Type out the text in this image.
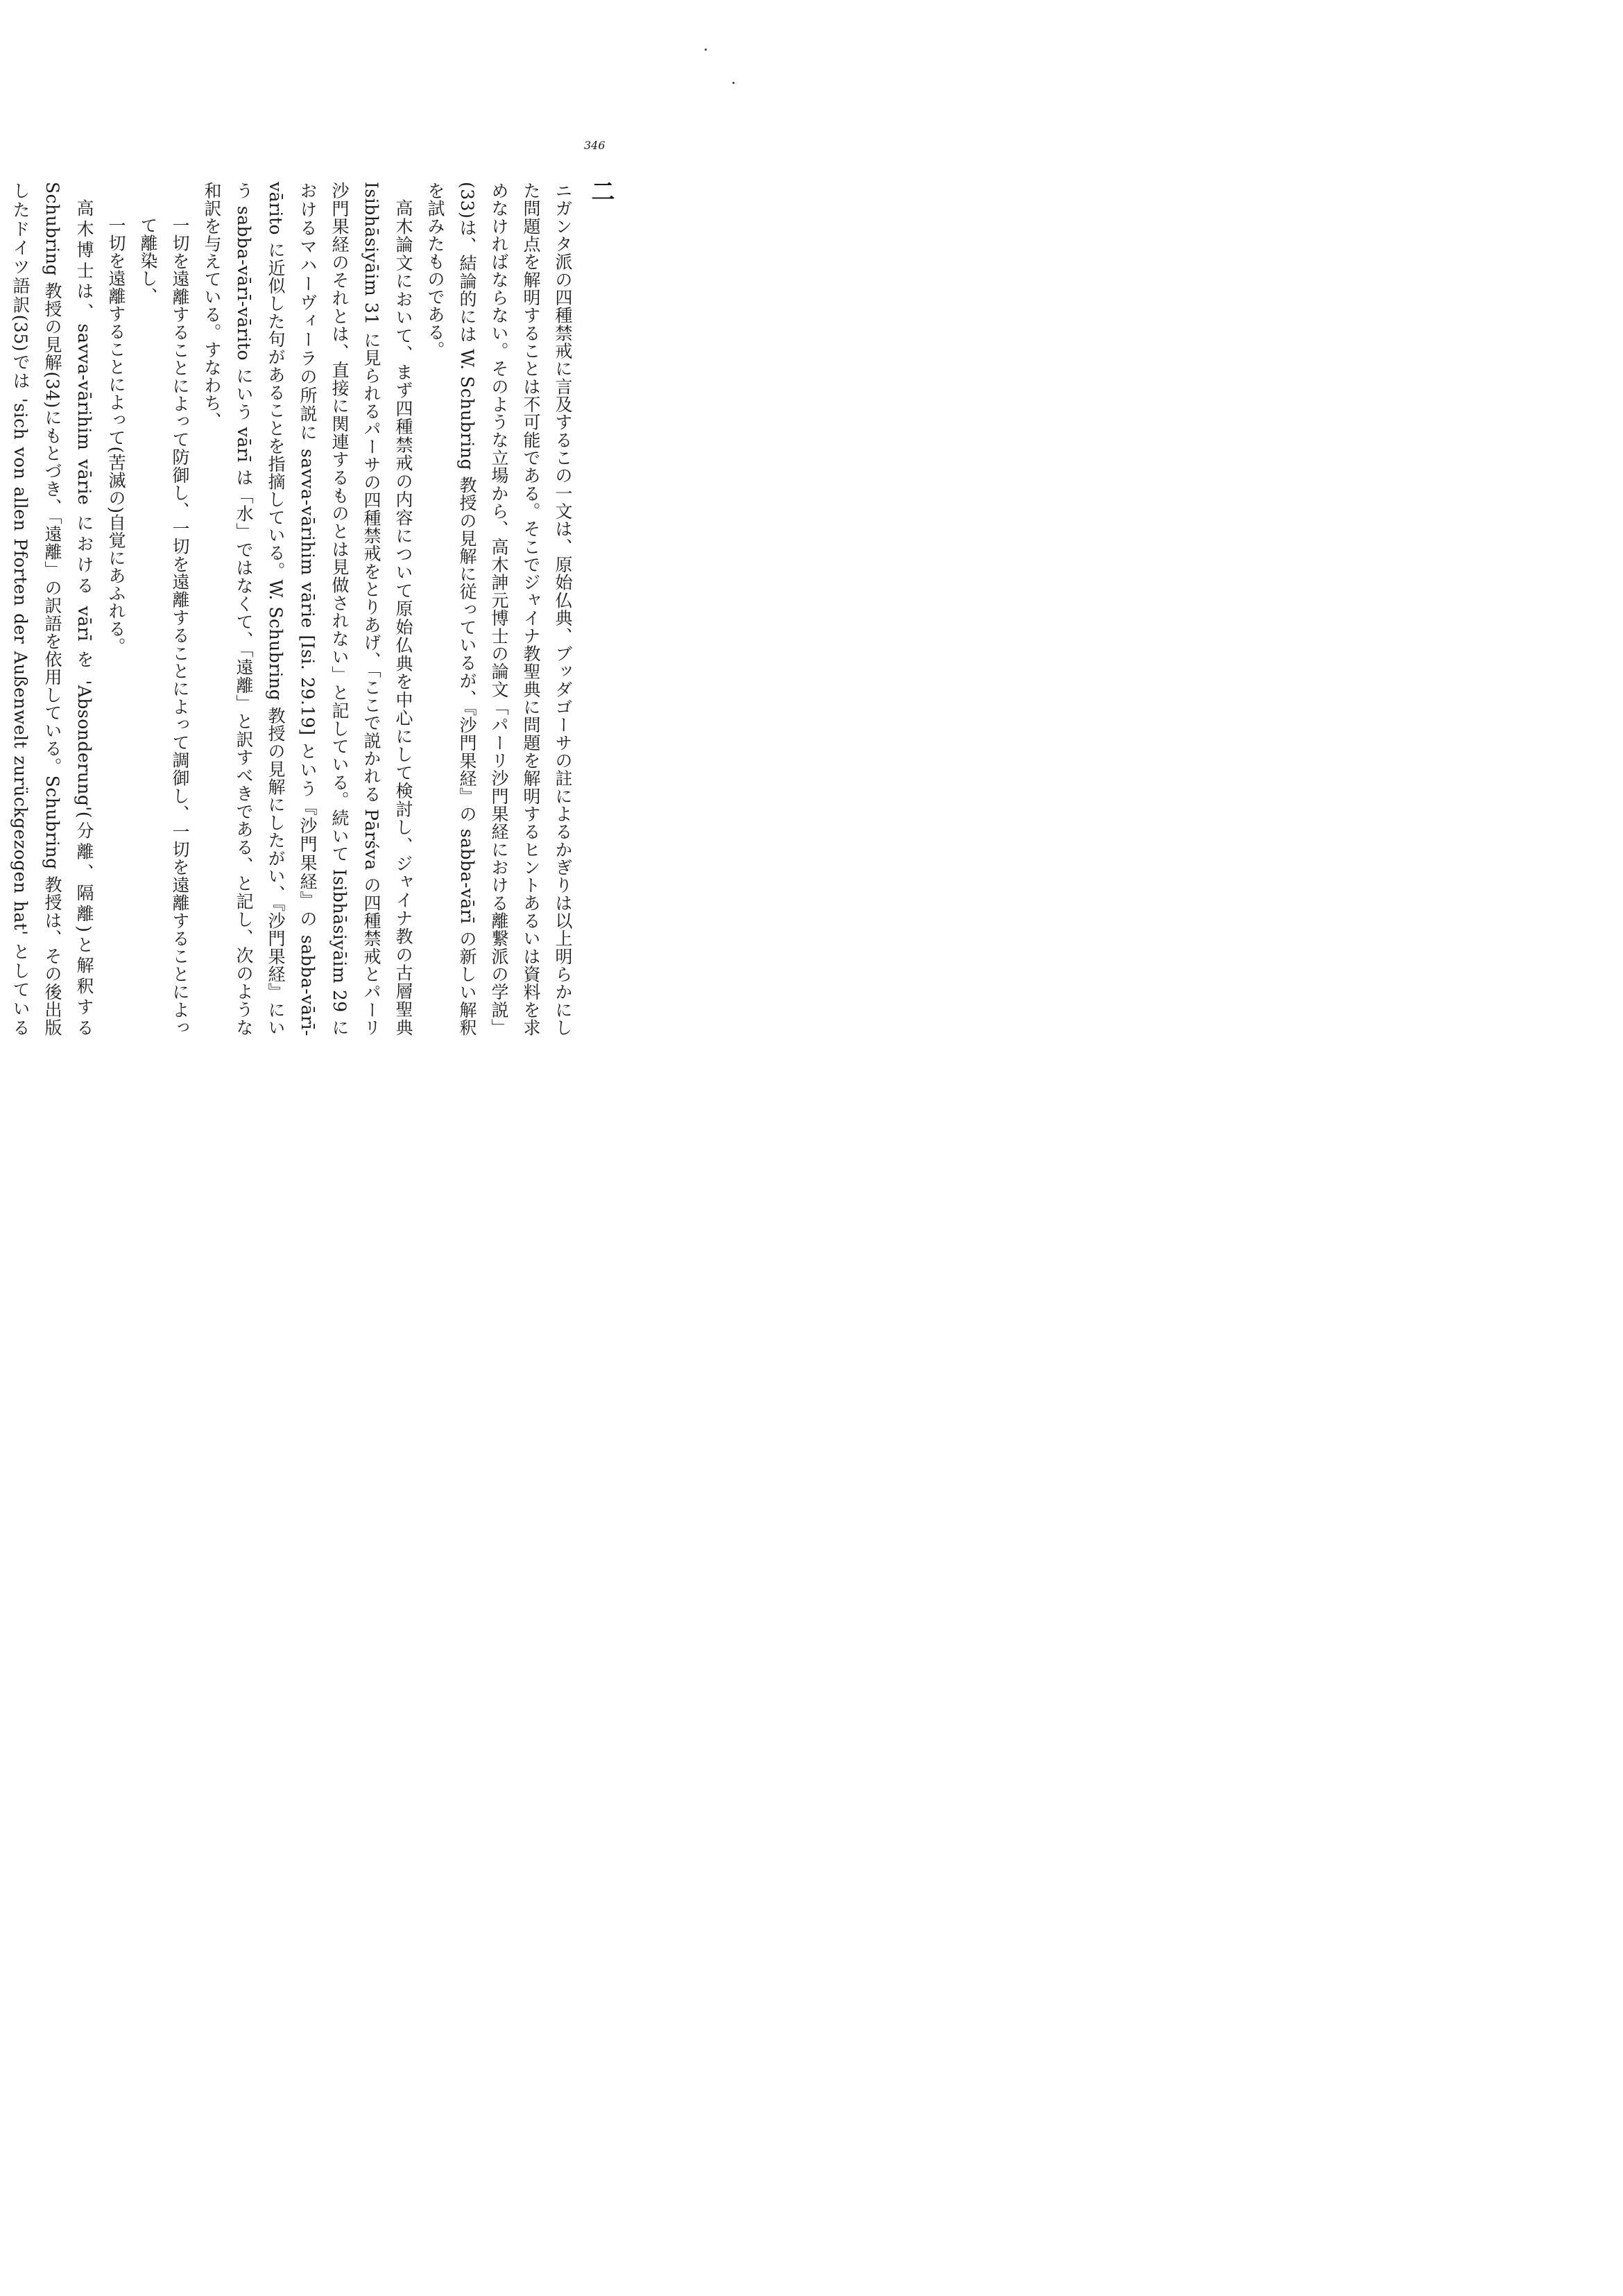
346
二

ニガンタ派の四種禁戒に言及するこの一文は、原始仏典、ブッダゴーサの註によるかぎりは以上明らかにした問題点を解明することは不可能である。そこでジャイナ教聖典に問題を解明するヒントあるいは資料を求めなければならない。そのような立場から、高木訷元博士の論文「パーリ沙門果経における離繋派の学説」(33)は、結論的には W. Schubring 教授の見解に従っているが、『沙門果経』の sabba-vārī の新しい解釈を試みたものである。

高木論文において、まず四種禁戒の内容について原始仏典を中心にして検討し、ジャイナ教の古層聖典 Isibhāsiyāim 31 に見られるパーサの四種禁戒をとりあげ、「ここで説かれる Pārśva の四種禁戒とパーリ沙門果経のそれとは、直接に関連するものとは見做されない」と記している。続いて Isibhāsiyāim 29 におけるマハーヴィーラの所説に savva-vārihim vārie [Isi. 29.19] という『沙門果経』の sabba-vārī-vārito に近似した句があることを指摘している。W. Schubring 教授の見解にしたがい、『沙門果経』にいう sabba-vārī-vārito にいう vārī は「水」ではなくて、「遠離」と訳すべきである、と記し、次のような和訳を与えている。すなわち、

一切を遠離することによって防御し、一切を遠離することによって調御し、一切を遠離することによって離染し、

一切を遠離することによって(苦滅の)自覚にあふれる。

高木博士は、savva-vārihim vārie における vārī を 'Absonderung'(分離、隔離)と解釈する Schubring 教授の見解(34)にもとづき、「遠離」の訳語を依用している。Schubring 教授は、その後出版したドイツ語訳(35)では 'sich von allen Pforten der Außenwelt zurückgezogen hat' としている
